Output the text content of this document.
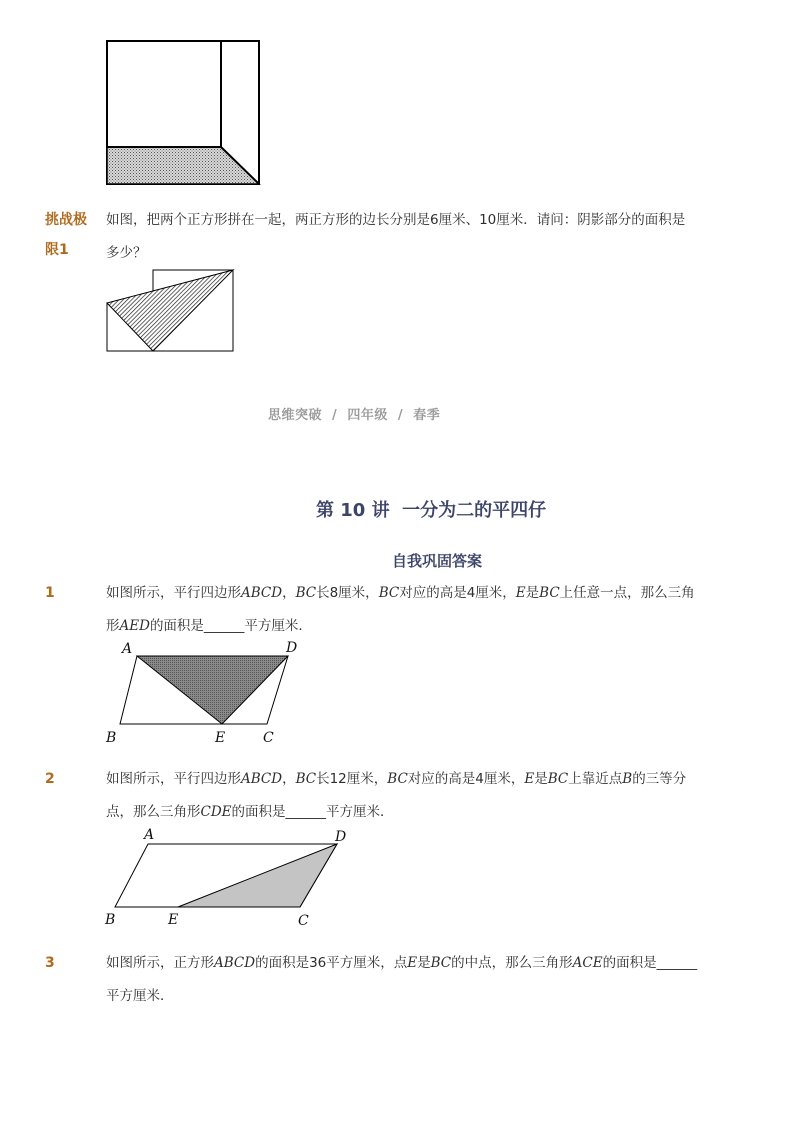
挑战极
限1
如图，把两个正方形拼在一起，两正方形的边长分别是6厘米、10厘米．请问：阴影部分的面积是
多少？
思维突破  /  四年级  /  春季
第 10 讲  一分为二的平四仔
自我巩固答案
1	如图所示，平行四边形ABCD，BC长8厘米，BC对应的高是4厘米，E是BC上任意一点，那么三角
形AED的面积是______平方厘米．
A	D
B	E	C
2	如图所示，平行四边形ABCD，BC长12厘米，BC对应的高是4厘米，E是BC上靠近点B的三等分
点，那么三角形CDE的面积是______平方厘米．
A	D
B	E	C
3	如图所示，正方形ABCD的面积是36平方厘米，点E是BC的中点，那么三角形ACE的面积是______
平方厘米．
